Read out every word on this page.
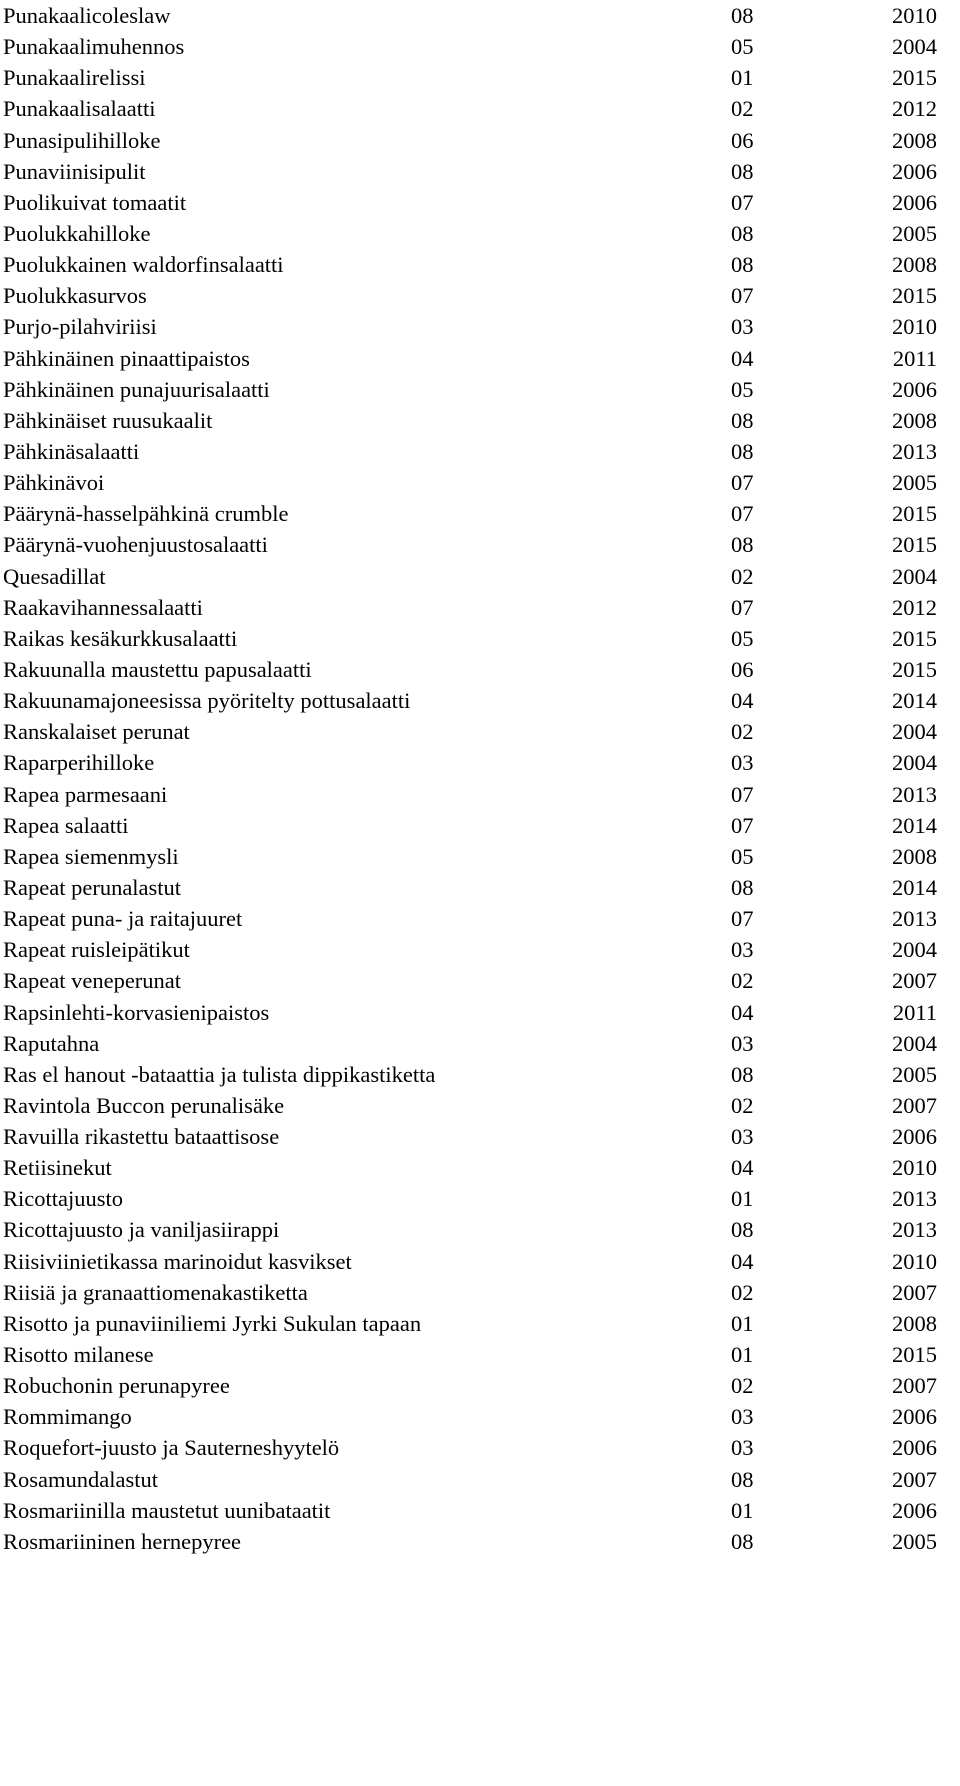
Punakaalicoleslaw	08	2010
Punakaalimuhennos	05	2004
Punakaalirelissi	01	2015
Punakaalisalaatti	02	2012
Punasipulihilloke	06	2008
Punaviinisipulit	08	2006
Puolikuivat tomaatit	07	2006
Puolukkahilloke	08	2005
Puolukkainen waldorfinsalaatti	08	2008
Puolukkasurvos	07	2015
Purjo-pilahviriisi	03	2010
Pähkinäinen pinaattipaistos	04	2011
Pähkinäinen punajuurisalaatti	05	2006
Pähkinäiset ruusukaalit	08	2008
Pähkinäsalaatti	08	2013
Pähkinävoi	07	2005
Päärynä-hasselpähkinä crumble	07	2015
Päärynä-vuohenjuustosalaatti	08	2015
Quesadillat	02	2004
Raakavihannessalaatti	07	2012
Raikas kesäkurkkusalaatti	05	2015
Rakuunalla maustettu papusalaatti	06	2015
Rakuunamajoneesissa pyöritelty pottusalaatti	04	2014
Ranskalaiset perunat	02	2004
Raparperihilloke	03	2004
Rapea parmesaani	07	2013
Rapea salaatti	07	2014
Rapea siemenmysli	05	2008
Rapeat perunalastut	08	2014
Rapeat puna- ja raitajuuret	07	2013
Rapeat ruisleipätikut	03	2004
Rapeat veneperunat	02	2007
Rapsinlehti-korvasienipaistos	04	2011
Raputahna	03	2004
Ras el hanout -bataattia ja tulista dippikastiketta	08	2005
Ravintola Buccon perunalisäke	02	2007
Ravuilla rikastettu bataattisose	03	2006
Retiisinekut	04	2010
Ricottajuusto	01	2013
Ricottajuusto ja vaniljasiirappi	08	2013
Riisiviinietikassa marinoidut kasvikset	04	2010
Riisiä ja granaattiomenakastiketta	02	2007
Risotto ja punaviiniliemi Jyrki Sukulan tapaan	01	2008
Risotto milanese	01	2015
Robuchonin perunapyree	02	2007
Rommimango	03	2006
Roquefort-juusto ja Sauterneshyytelö	03	2006
Rosamundalastut	08	2007
Rosmariinilla maustetut uunibataatit	01	2006
Rosmariininen hernepyree	08	2005
